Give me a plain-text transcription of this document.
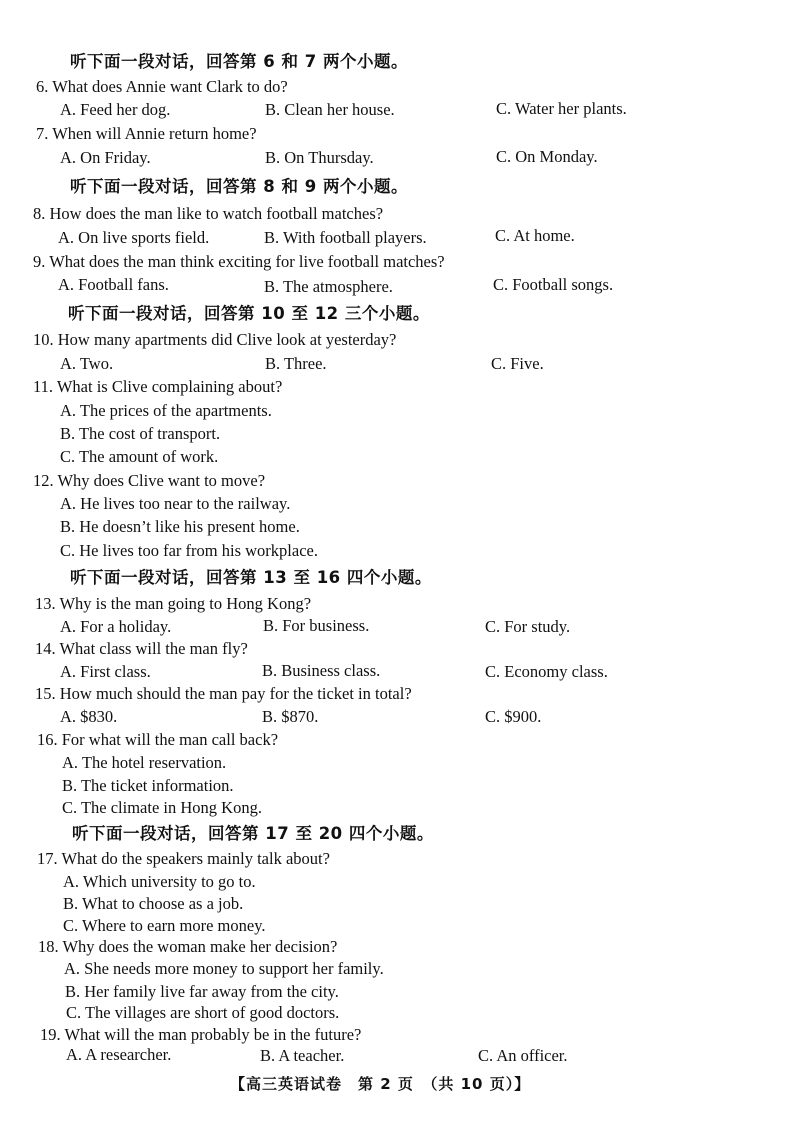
听下面一段对话，回答第 6 和 7 两个小题。
6. What does Annie want Clark to do?
A. Feed her dog.	B. Clean her house.	C. Water her plants.
7. When will Annie return home?
A. On Friday.	B. On Thursday.	C. On Monday.
听下面一段对话，回答第 8 和 9 两个小题。
8. How does the man like to watch football matches?
A. On live sports field.	B. With football players.	C. At home.
9. What does the man think exciting for live football matches?
A. Football fans.	B. The atmosphere.	C. Football songs.
听下面一段对话，回答第 10 至 12 三个小题。
10. How many apartments did Clive look at yesterday?
A. Two.	B. Three.	C. Five.
11. What is Clive complaining about?
A. The prices of the apartments.
B. The cost of transport.
C. The amount of work.
12. Why does Clive want to move?
A. He lives too near to the railway.
B. He doesn’t like his present home.
C. He lives too far from his workplace.
听下面一段对话，回答第 13 至 16 四个小题。
13. Why is the man going to Hong Kong?
A. For a holiday.	B. For business.	C. For study.
14. What class will the man fly?
A. First class.	B. Business class.	C. Economy class.
15. How much should the man pay for the ticket in total?
A. $830.	B. $870.	C. $900.
16. For what will the man call back?
A. The hotel reservation.
B. The ticket information.
C. The climate in Hong Kong.
听下面一段对话，回答第 17 至 20 四个小题。
17. What do the speakers mainly talk about?
A. Which university to go to.
B. What to choose as a job.
C. Where to earn more money.
18. Why does the woman make her decision?
A. She needs more money to support her family.
B. Her family live far away from the city.
C. The villages are short of good doctors.
19. What will the man probably be in the future?
A. A researcher.	B. A teacher.	C. An officer.
【高三英语试卷　第 2 页　（共 10 页）】
